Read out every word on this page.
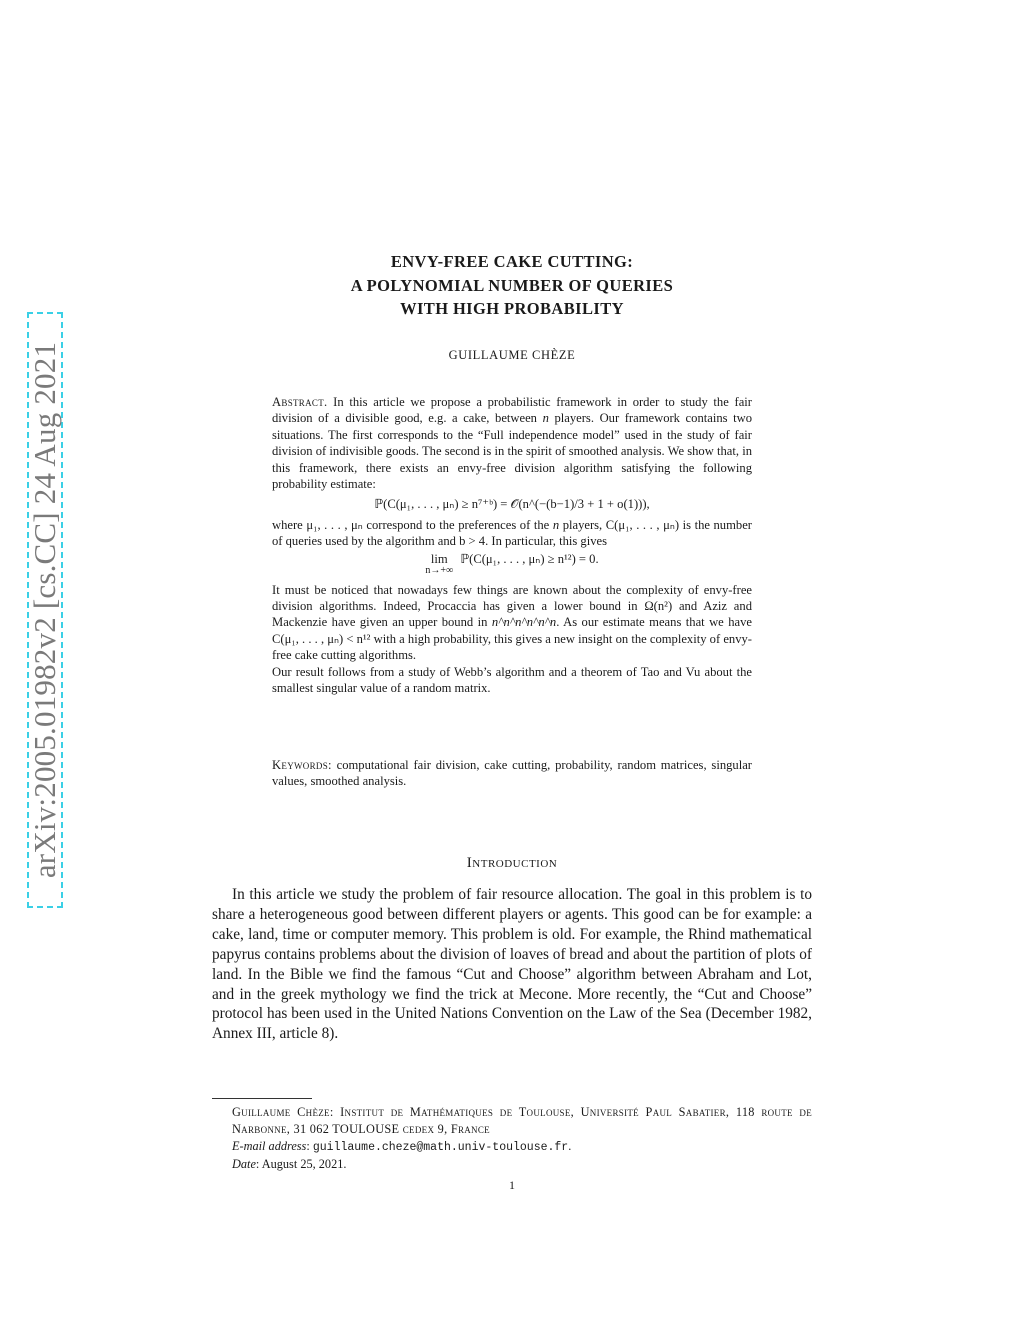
arXiv:2005.01982v2 [cs.CC] 24 Aug 2021
ENVY-FREE CAKE CUTTING:
A POLYNOMIAL NUMBER OF QUERIES
WITH HIGH PROBABILITY
GUILLAUME CHÈZE

Abstract. In this article we propose a probabilistic framework in order to study the fair division of a divisible good, e.g. a cake, between n players. Our framework contains two situations. The first corresponds to the “Full independence model” used in the study of fair division of indivisible goods. The second is in the spirit of smoothed analysis. We show that, in this framework, there exists an envy-free division algorithm satisfying the following probability estimate:

ℙ(C(μ₁, . . . , μₙ) ≥ n⁷⁺ᵇ) = 𝒪(n^(−(b−1)/3 + 1 + o(1))),

where μ₁, . . . , μₙ correspond to the preferences of the n players, C(μ₁, . . . , μₙ) is the number of queries used by the algorithm and b > 4. In particular, this gives

lim
n→+∞
ℙ(C(μ₁, . . . , μₙ) ≥ n¹²) = 0.

It must be noticed that nowadays few things are known about the complexity of envy-free division algorithms. Indeed, Procaccia has given a lower bound in Ω(n²) and Aziz and Mackenzie have given an upper bound in n^n^n^n^n^n. As our estimate means that we have C(μ₁, . . . , μₙ) < n¹² with a high probability, this gives a new insight on the complexity of envy-free cake cutting algorithms.

Our result follows from a study of Webb’s algorithm and a theorem of Tao and Vu about the smallest singular value of a random matrix.

Keywords: computational fair division, cake cutting, probability, random matrices, singular values, smoothed analysis.
Introduction

In this article we study the problem of fair resource allocation. The goal in this problem is to share a heterogeneous good between different players or agents. This good can be for example: a cake, land, time or computer memory. This problem is old. For example, the Rhind mathematical papyrus contains problems about the division of loaves of bread and about the partition of plots of land. In the Bible we find the famous “Cut and Choose” algorithm between Abraham and Lot, and in the greek mythology we find the trick at Mecone. More recently, the “Cut and Choose” protocol has been used in the United Nations Convention on the Law of the Sea (December 1982, Annex III, article 8).

Guillaume Chèze: Institut de Mathématiques de Toulouse, Université Paul Sabatier, 118 route de Narbonne, 31 062 TOULOUSE cedex 9, France

E-mail address: guillaume.cheze@math.univ-toulouse.fr.

Date: August 25, 2021.

1
